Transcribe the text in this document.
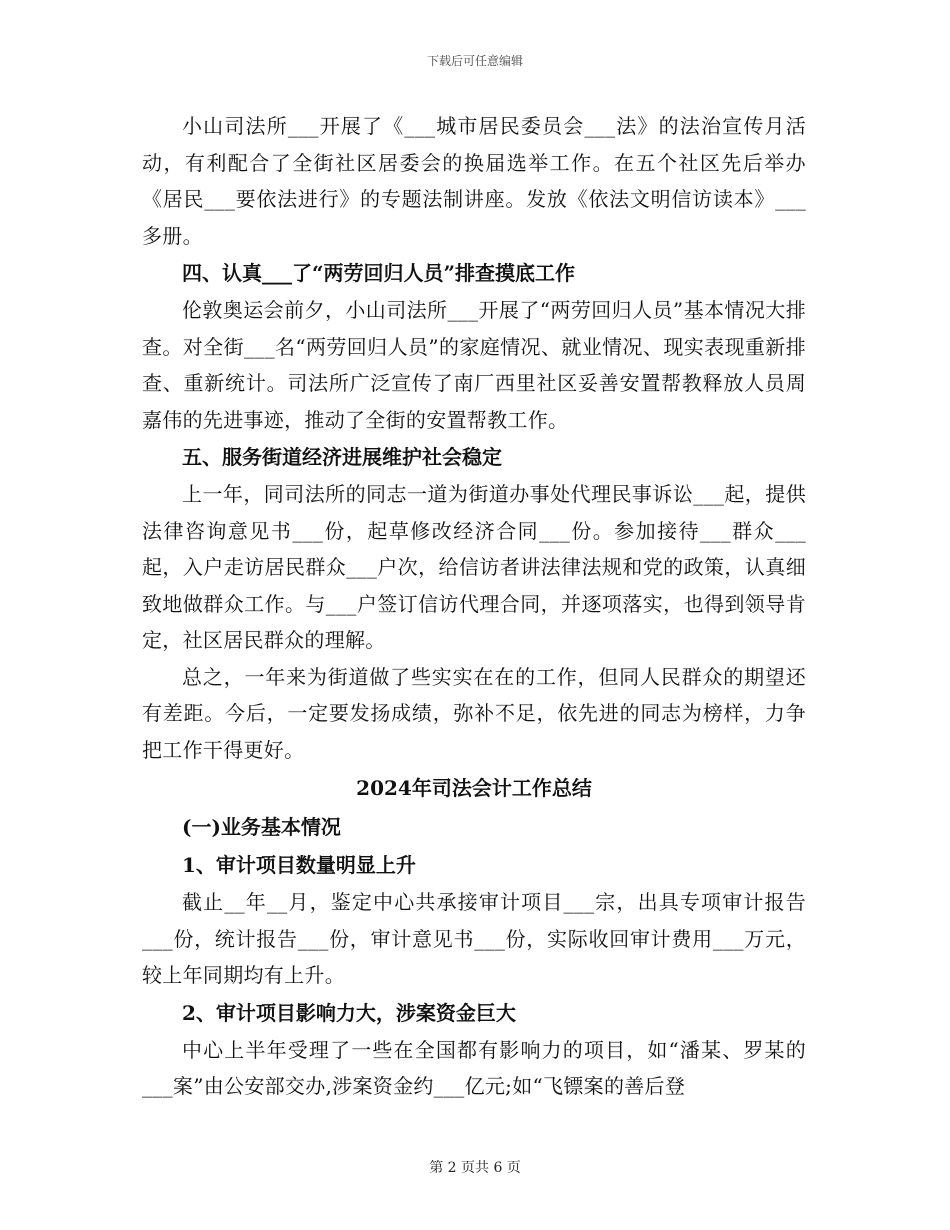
下载后可任意编辑

小山司法所___开展了《___城市居民委员会___法》的法治宣传月活动，有利配合了全街社区居委会的换届选举工作。在五个社区先后举办《居民___要依法进行》的专题法制讲座。发放《依法文明信访读本》___多册。

四、认真___了“两劳回归人员”排查摸底工作

伦敦奥运会前夕，小山司法所___开展了“两劳回归人员”基本情况大排查。对全街___名“两劳回归人员”的家庭情况、就业情况、现实表现重新排查、重新统计。司法所广泛宣传了南厂西里社区妥善安置帮教释放人员周嘉伟的先进事迹，推动了全街的安置帮教工作。

五、服务街道经济进展维护社会稳定

上一年，同司法所的同志一道为街道办事处代理民事诉讼___起，提供法律咨询意见书___份，起草修改经济合同___份。参加接待___群众___起，入户走访居民群众___户次，给信访者讲法律法规和党的政策，认真细致地做群众工作。与___户签订信访代理合同，并逐项落实，也得到领导肯定，社区居民群众的理解。

总之，一年来为街道做了些实实在在的工作，但同人民群众的期望还有差距。今后，一定要发扬成绩，弥补不足，依先进的同志为榜样，力争把工作干得更好。

2024年司法会计工作总结

(一)业务基本情况

1、审计项目数量明显上升

截止__年__月，鉴定中心共承接审计项目___宗，出具专项审计报告___份，统计报告___份，审计意见书___份，实际收回审计费用___万元，较上年同期均有上升。

2、审计项目影响力大，涉案资金巨大

中心上半年受理了一些在全国都有影响力的项目，如“潘某、罗某的___案”由公安部交办,涉案资金约___亿元;如“飞镖案的善后登

第 2 页共 6 页
